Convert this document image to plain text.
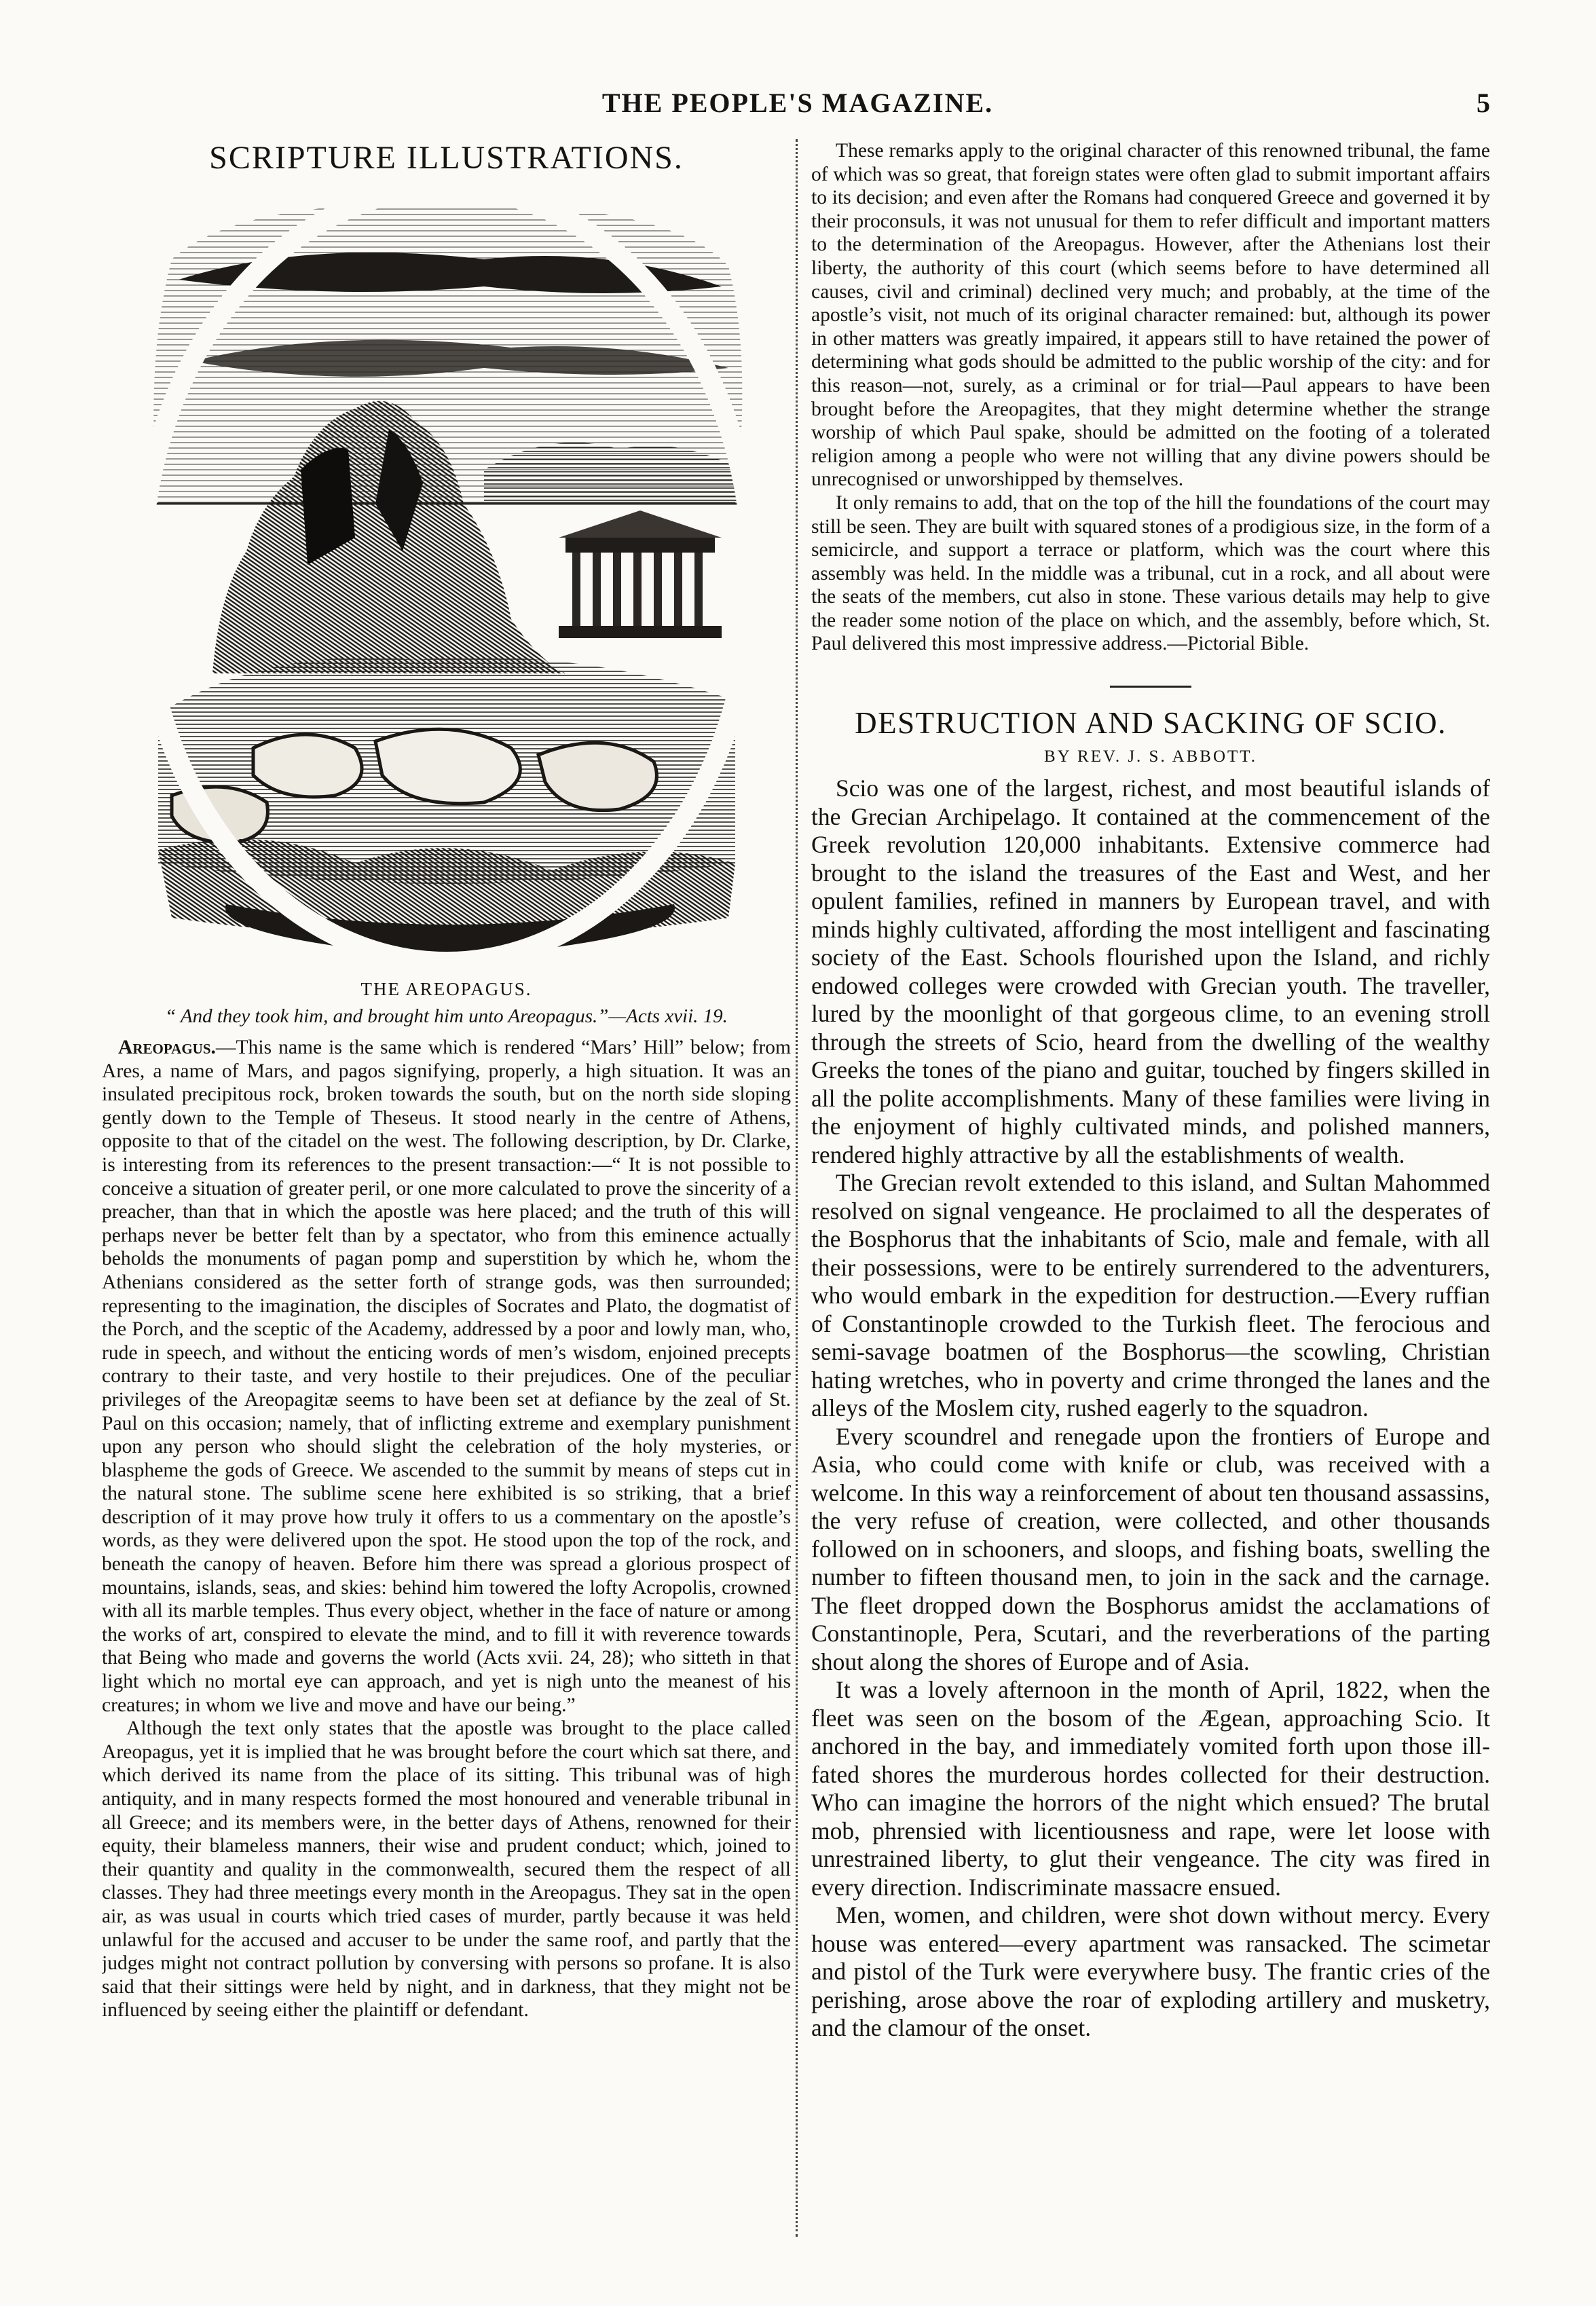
THE PEOPLE'S MAGAZINE.	5
SCRIPTURE ILLUSTRATIONS.
THE AREOPAGUS.
“ And they took him, and brought him unto Areopagus.”—Acts xvii. 19.

Areopagus.—This name is the same which is rendered “Mars’ Hill” below; from Ares, a name of Mars, and pagos signifying, properly, a high situation. It was an insulated precipitous rock, broken towards the south, but on the north side sloping gently down to the Temple of Theseus. It stood nearly in the centre of Athens, opposite to that of the citadel on the west. The following description, by Dr. Clarke, is interesting from its references to the present transaction:—“ It is not possible to conceive a situation of greater peril, or one more calculated to prove the sincerity of a preacher, than that in which the apostle was here placed; and the truth of this will perhaps never be better felt than by a spectator, who from this eminence actually beholds the monuments of pagan pomp and superstition by which he, whom the Athenians considered as the setter forth of strange gods, was then surrounded; representing to the imagination, the disciples of Socrates and Plato, the dogmatist of the Porch, and the sceptic of the Academy, addressed by a poor and lowly man, who, rude in speech, and without the enticing words of men’s wisdom, enjoined precepts contrary to their taste, and very hostile to their prejudices. One of the peculiar privileges of the Areopagitæ seems to have been set at defiance by the zeal of St. Paul on this occasion; namely, that of inflicting extreme and exemplary punishment upon any person who should slight the celebration of the holy mysteries, or blaspheme the gods of Greece. We ascended to the summit by means of steps cut in the natural stone. The sublime scene here exhibited is so striking, that a brief description of it may prove how truly it offers to us a commentary on the apostle’s words, as they were delivered upon the spot. He stood upon the top of the rock, and beneath the canopy of heaven. Before him there was spread a glorious prospect of mountains, islands, seas, and skies: behind him towered the lofty Acropolis, crowned with all its marble temples. Thus every object, whether in the face of nature or among the works of art, conspired to elevate the mind, and to fill it with reverence towards that Being who made and governs the world (Acts xvii. 24, 28); who sitteth in that light which no mortal eye can approach, and yet is nigh unto the meanest of his creatures; in whom we live and move and have our being.”

Although the text only states that the apostle was brought to the place called Areopagus, yet it is implied that he was brought before the court which sat there, and which derived its name from the place of its sitting. This tribunal was of high antiquity, and in many respects formed the most honoured and venerable tribunal in all Greece; and its members were, in the better days of Athens, renowned for their equity, their blameless manners, their wise and prudent conduct; which, joined to their quantity and quality in the commonwealth, secured them the respect of all classes. They had three meetings every month in the Areopagus. They sat in the open air, as was usual in courts which tried cases of murder, partly because it was held unlawful for the accused and accuser to be under the same roof, and partly that the judges might not contract pollution by conversing with persons so profane. It is also said that their sittings were held by night, and in darkness, that they might not be influenced by seeing either the plaintiff or defendant.

These remarks apply to the original character of this renowned tribunal, the fame of which was so great, that foreign states were often glad to submit important affairs to its decision; and even after the Romans had conquered Greece and governed it by their proconsuls, it was not unusual for them to refer difficult and important matters to the determination of the Areopagus. However, after the Athenians lost their liberty, the authority of this court (which seems before to have determined all causes, civil and criminal) declined very much; and probably, at the time of the apostle’s visit, not much of its original character remained: but, although its power in other matters was greatly impaired, it appears still to have retained the power of determining what gods should be admitted to the public worship of the city: and for this reason—not, surely, as a criminal or for trial—Paul appears to have been brought before the Areopagites, that they might determine whether the strange worship of which Paul spake, should be admitted on the footing of a tolerated religion among a people who were not willing that any divine powers should be unrecognised or unworshipped by themselves.

It only remains to add, that on the top of the hill the foundations of the court may still be seen. They are built with squared stones of a prodigious size, in the form of a semicircle, and support a terrace or platform, which was the court where this assembly was held. In the middle was a tribunal, cut in a rock, and all about were the seats of the members, cut also in stone. These various details may help to give the reader some notion of the place on which, and the assembly, before which, St. Paul delivered this most impressive address.—Pictorial Bible.

DESTRUCTION AND SACKING OF SCIO.
BY REV. J. S. ABBOTT.

Scio was one of the largest, richest, and most beautiful islands of the Grecian Archipelago. It contained at the commencement of the Greek revolution 120,000 inhabitants. Extensive commerce had brought to the island the treasures of the East and West, and her opulent families, refined in manners by European travel, and with minds highly cultivated, affording the most intelligent and fascinating society of the East. Schools flourished upon the Island, and richly endowed colleges were crowded with Grecian youth. The traveller, lured by the moonlight of that gorgeous clime, to an evening stroll through the streets of Scio, heard from the dwelling of the wealthy Greeks the tones of the piano and guitar, touched by fingers skilled in all the polite accomplishments. Many of these families were living in the enjoyment of highly cultivated minds, and polished manners, rendered highly attractive by all the establishments of wealth.

The Grecian revolt extended to this island, and Sultan Mahommed resolved on signal vengeance. He proclaimed to all the desperates of the Bosphorus that the inhabitants of Scio, male and female, with all their possessions, were to be entirely surrendered to the adventurers, who would embark in the expedition for destruction.—Every ruffian of Constantinople crowded to the Turkish fleet. The ferocious and semi-savage boatmen of the Bosphorus—the scowling, Christian hating wretches, who in poverty and crime thronged the lanes and the alleys of the Moslem city, rushed eagerly to the squadron.

Every scoundrel and renegade upon the frontiers of Europe and Asia, who could come with knife or club, was received with a welcome. In this way a reinforcement of about ten thousand assassins, the very refuse of creation, were collected, and other thousands followed on in schooners, and sloops, and fishing boats, swelling the number to fifteen thousand men, to join in the sack and the carnage. The fleet dropped down the Bosphorus amidst the acclamations of Constantinople, Pera, Scutari, and the reverberations of the parting shout along the shores of Europe and of Asia.

It was a lovely afternoon in the month of April, 1822, when the fleet was seen on the bosom of the Ægean, approaching Scio. It anchored in the bay, and immediately vomited forth upon those ill-fated shores the murderous hordes collected for their destruction. Who can imagine the horrors of the night which ensued? The brutal mob, phrensied with licentiousness and rape, were let loose with unrestrained liberty, to glut their vengeance. The city was fired in every direction. Indiscriminate massacre ensued.

Men, women, and children, were shot down without mercy. Every house was entered—every apartment was ransacked. The scimetar and pistol of the Turk were everywhere busy. The frantic cries of the perishing, arose above the roar of exploding artillery and musketry, and the clamour of the onset.
